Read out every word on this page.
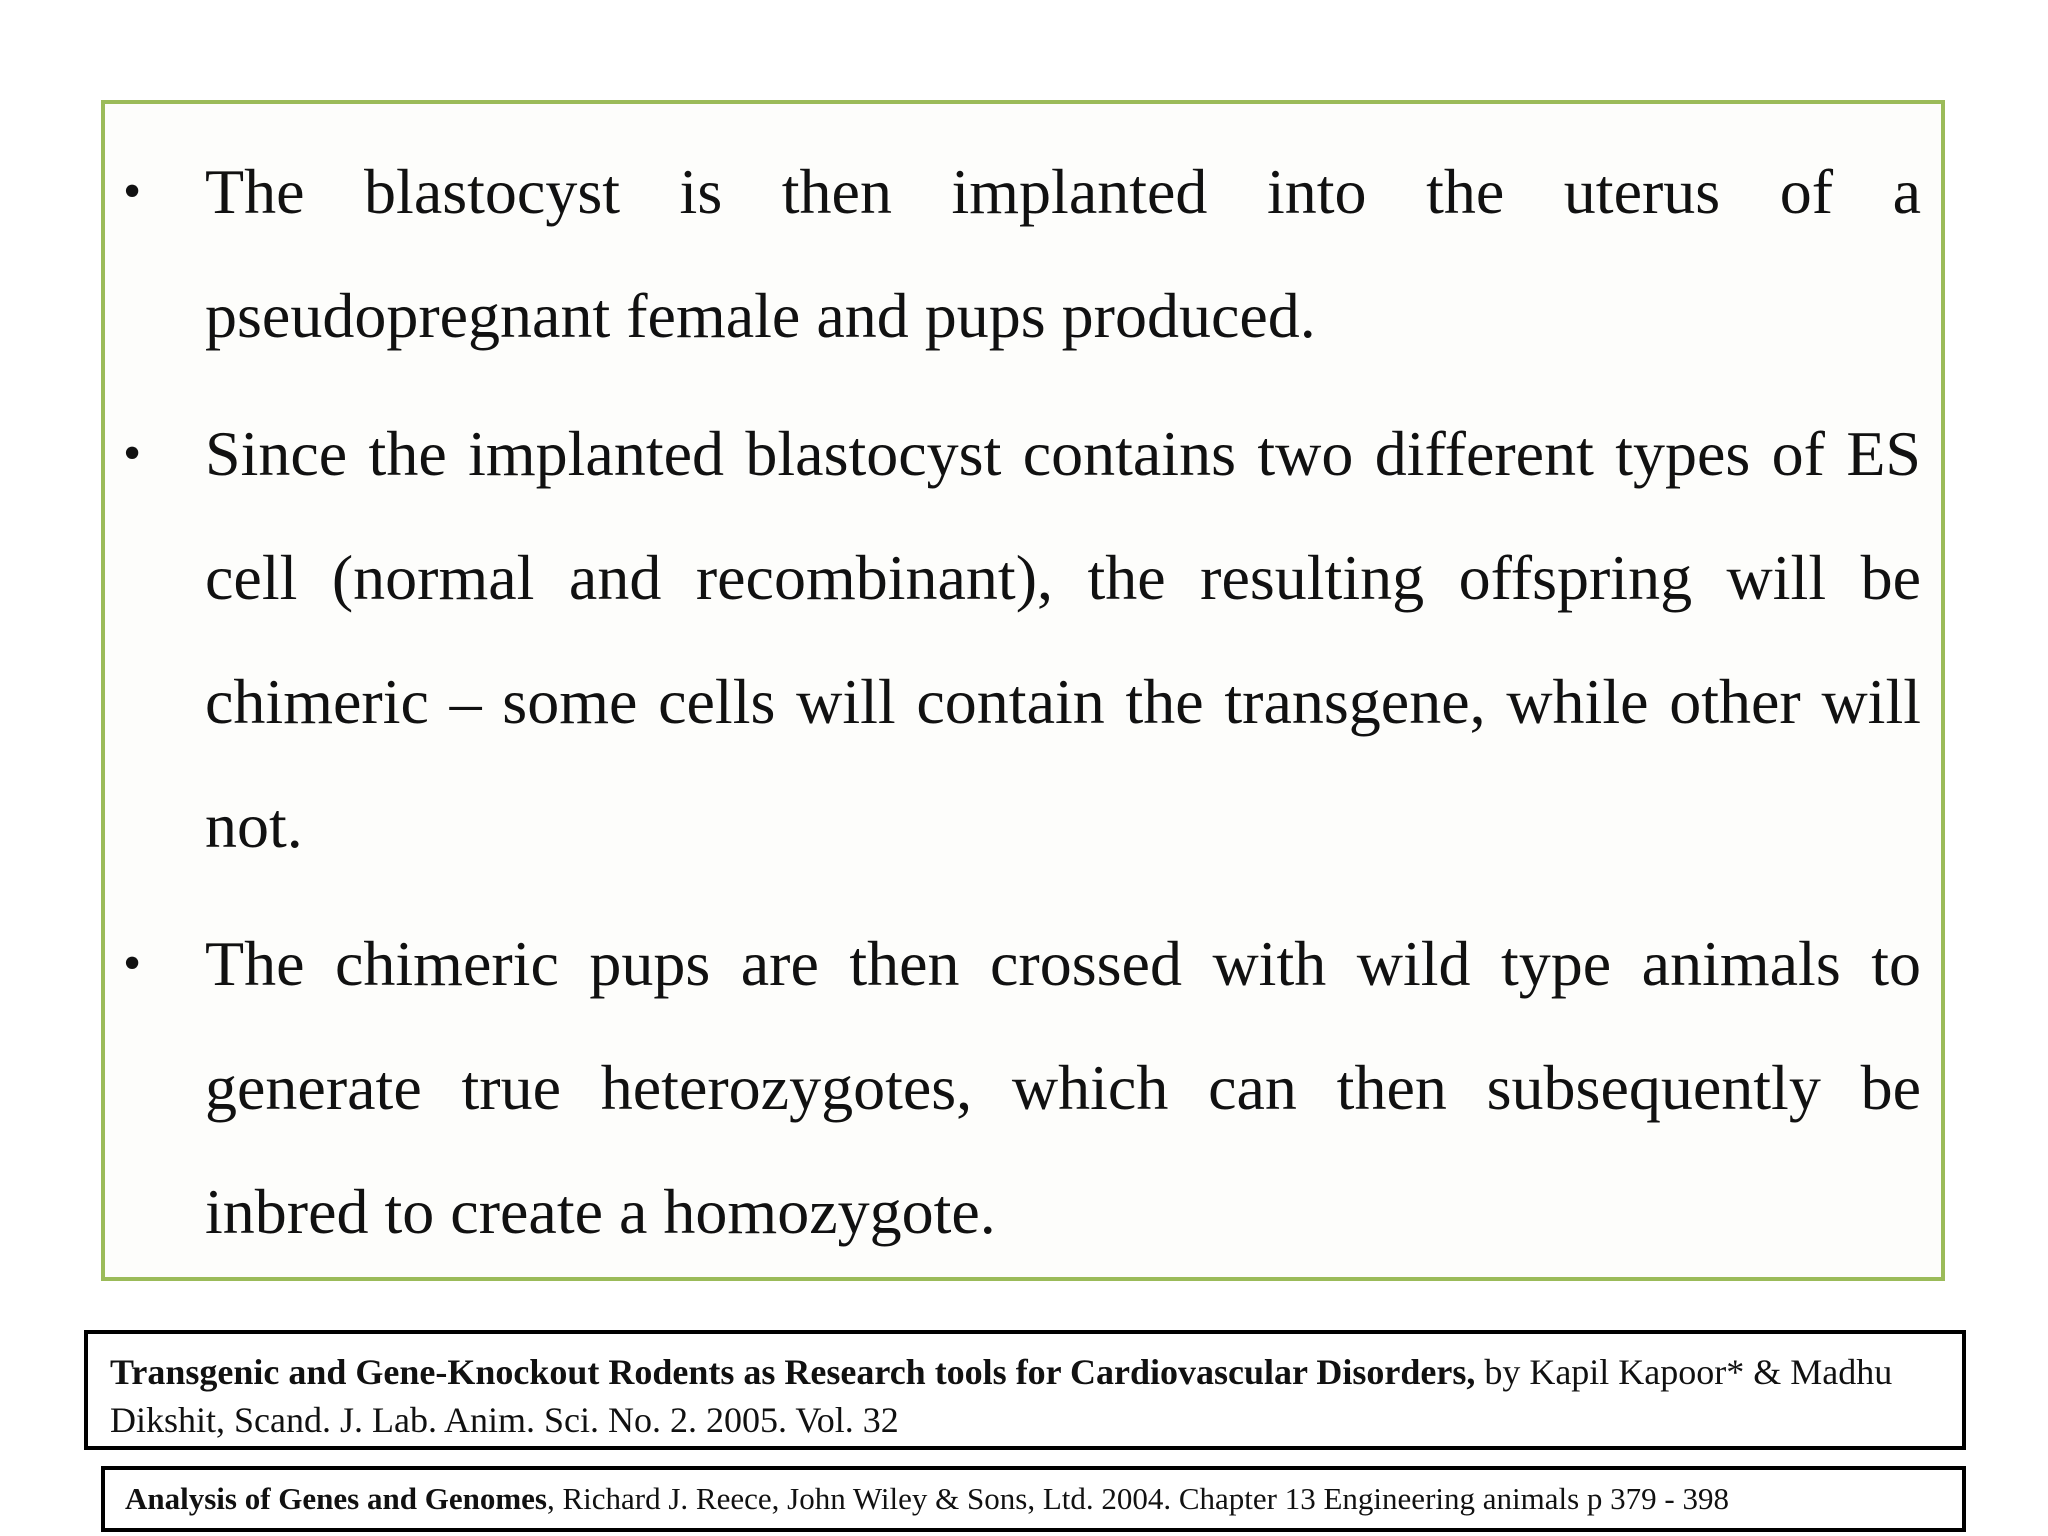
• The blastocyst is then implanted into the uterus of a pseudopregnant female and pups produced.
• Since the implanted blastocyst contains two different types of ES cell (normal and recombinant), the resulting offspring will be chimeric – some cells will contain the transgene, while other will not.
• The chimeric pups are then crossed with wild type animals to generate true heterozygotes, which can then subsequently be inbred to create a homozygote.
Transgenic and Gene-Knockout Rodents as Research tools for Cardiovascular Disorders, by Kapil Kapoor* & Madhu Dikshit, Scand. J. Lab. Anim. Sci. No. 2. 2005. Vol. 32
Analysis of Genes and Genomes, Richard J. Reece, John Wiley & Sons, Ltd. 2004. Chapter 13 Engineering animals p 379 - 398
